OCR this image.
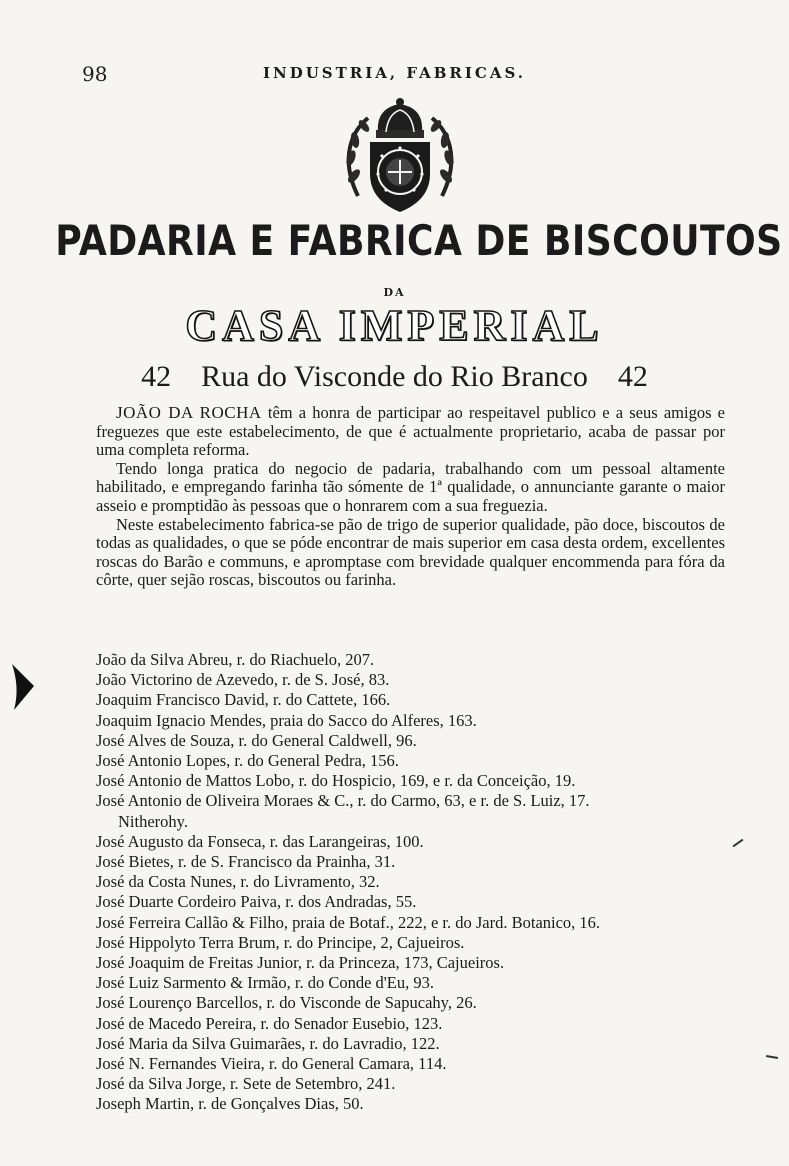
98	INDUSTRIA, FABRICAS.
PADARIA E FABRICA DE BISCOUTOS
DA
CASA IMPERIAL
42 Rua do Visconde do Rio Branco 42

JOÃO DA ROCHA têm a honra de participar ao respeitavel publico e a seus amigos e freguezes que este estabelecimento, de que é actualmente proprietario, acaba de passar por uma completa reforma.

Tendo longa pratica do negocio de padaria, trabalhando com um pessoal altamente habilitado, e empregando farinha tão sómente de 1ª qualidade, o annunciante garante o maior asseio e promptidão às pessoas que o honrarem com a sua freguezia.

Neste estabelecimento fabrica-se pão de trigo de superior qualidade, pão doce, biscoutos de todas as qualidades, o que se póde encontrar de mais superior em casa desta ordem, excellentes roscas do Barão e communs, e apromptase com brevidade qualquer encommenda para fóra da côrte, quer sejão roscas, biscoutos ou farinha.

João da Silva Abreu, r. do Riachuelo, 207.
João Victorino de Azevedo, r. de S. José, 83.
Joaquim Francisco David, r. do Cattete, 166.
Joaquim Ignacio Mendes, praia do Sacco do Alferes, 163.
José Alves de Souza, r. do General Caldwell, 96.
José Antonio Lopes, r. do General Pedra, 156.
José Antonio de Mattos Lobo, r. do Hospicio, 169, e r. da Conceição, 19.
José Antonio de Oliveira Moraes & C., r. do Carmo, 63, e r. de S. Luiz, 17.
Nitherohy.
José Augusto da Fonseca, r. das Larangeiras, 100.
José Bietes, r. de S. Francisco da Prainha, 31.
José da Costa Nunes, r. do Livramento, 32.
José Duarte Cordeiro Paiva, r. dos Andradas, 55.
José Ferreira Callão & Filho, praia de Botaf., 222, e r. do Jard. Botanico, 16.
José Hippolyto Terra Brum, r. do Principe, 2, Cajueiros.
José Joaquim de Freitas Junior, r. da Princeza, 173, Cajueiros.
José Luiz Sarmento & Irmão, r. do Conde d'Eu, 93.
José Lourenço Barcellos, r. do Visconde de Sapucahy, 26.
José de Macedo Pereira, r. do Senador Eusebio, 123.
José Maria da Silva Guimarães, r. do Lavradio, 122.
José N. Fernandes Vieira, r. do General Camara, 114.
José da Silva Jorge, r. Sete de Setembro, 241.
Joseph Martin, r. de Gonçalves Dias, 50.
